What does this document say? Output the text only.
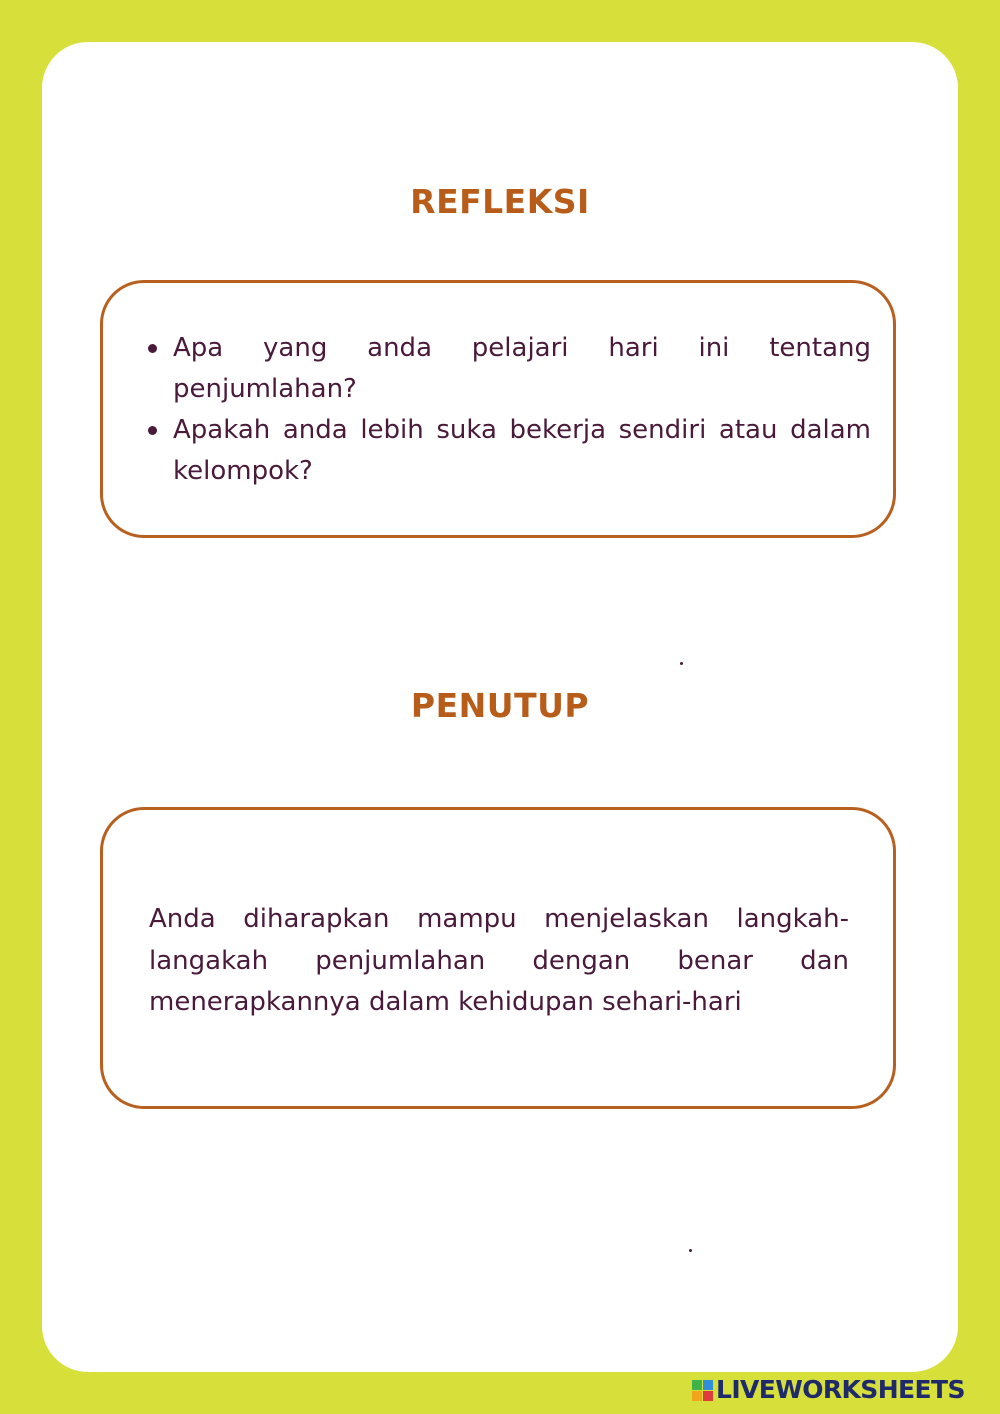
REFLEKSI
Apa yang anda pelajari hari ini tentang penjumlahan?
Apakah anda lebih suka bekerja sendiri atau dalam kelompok?
PENUTUP

Anda diharapkan mampu menjelaskan langkah-langakah penjumlahan dengan benar dan menerapkannya dalam kehidupan sehari-hari

LIVEWORKSHEETS
